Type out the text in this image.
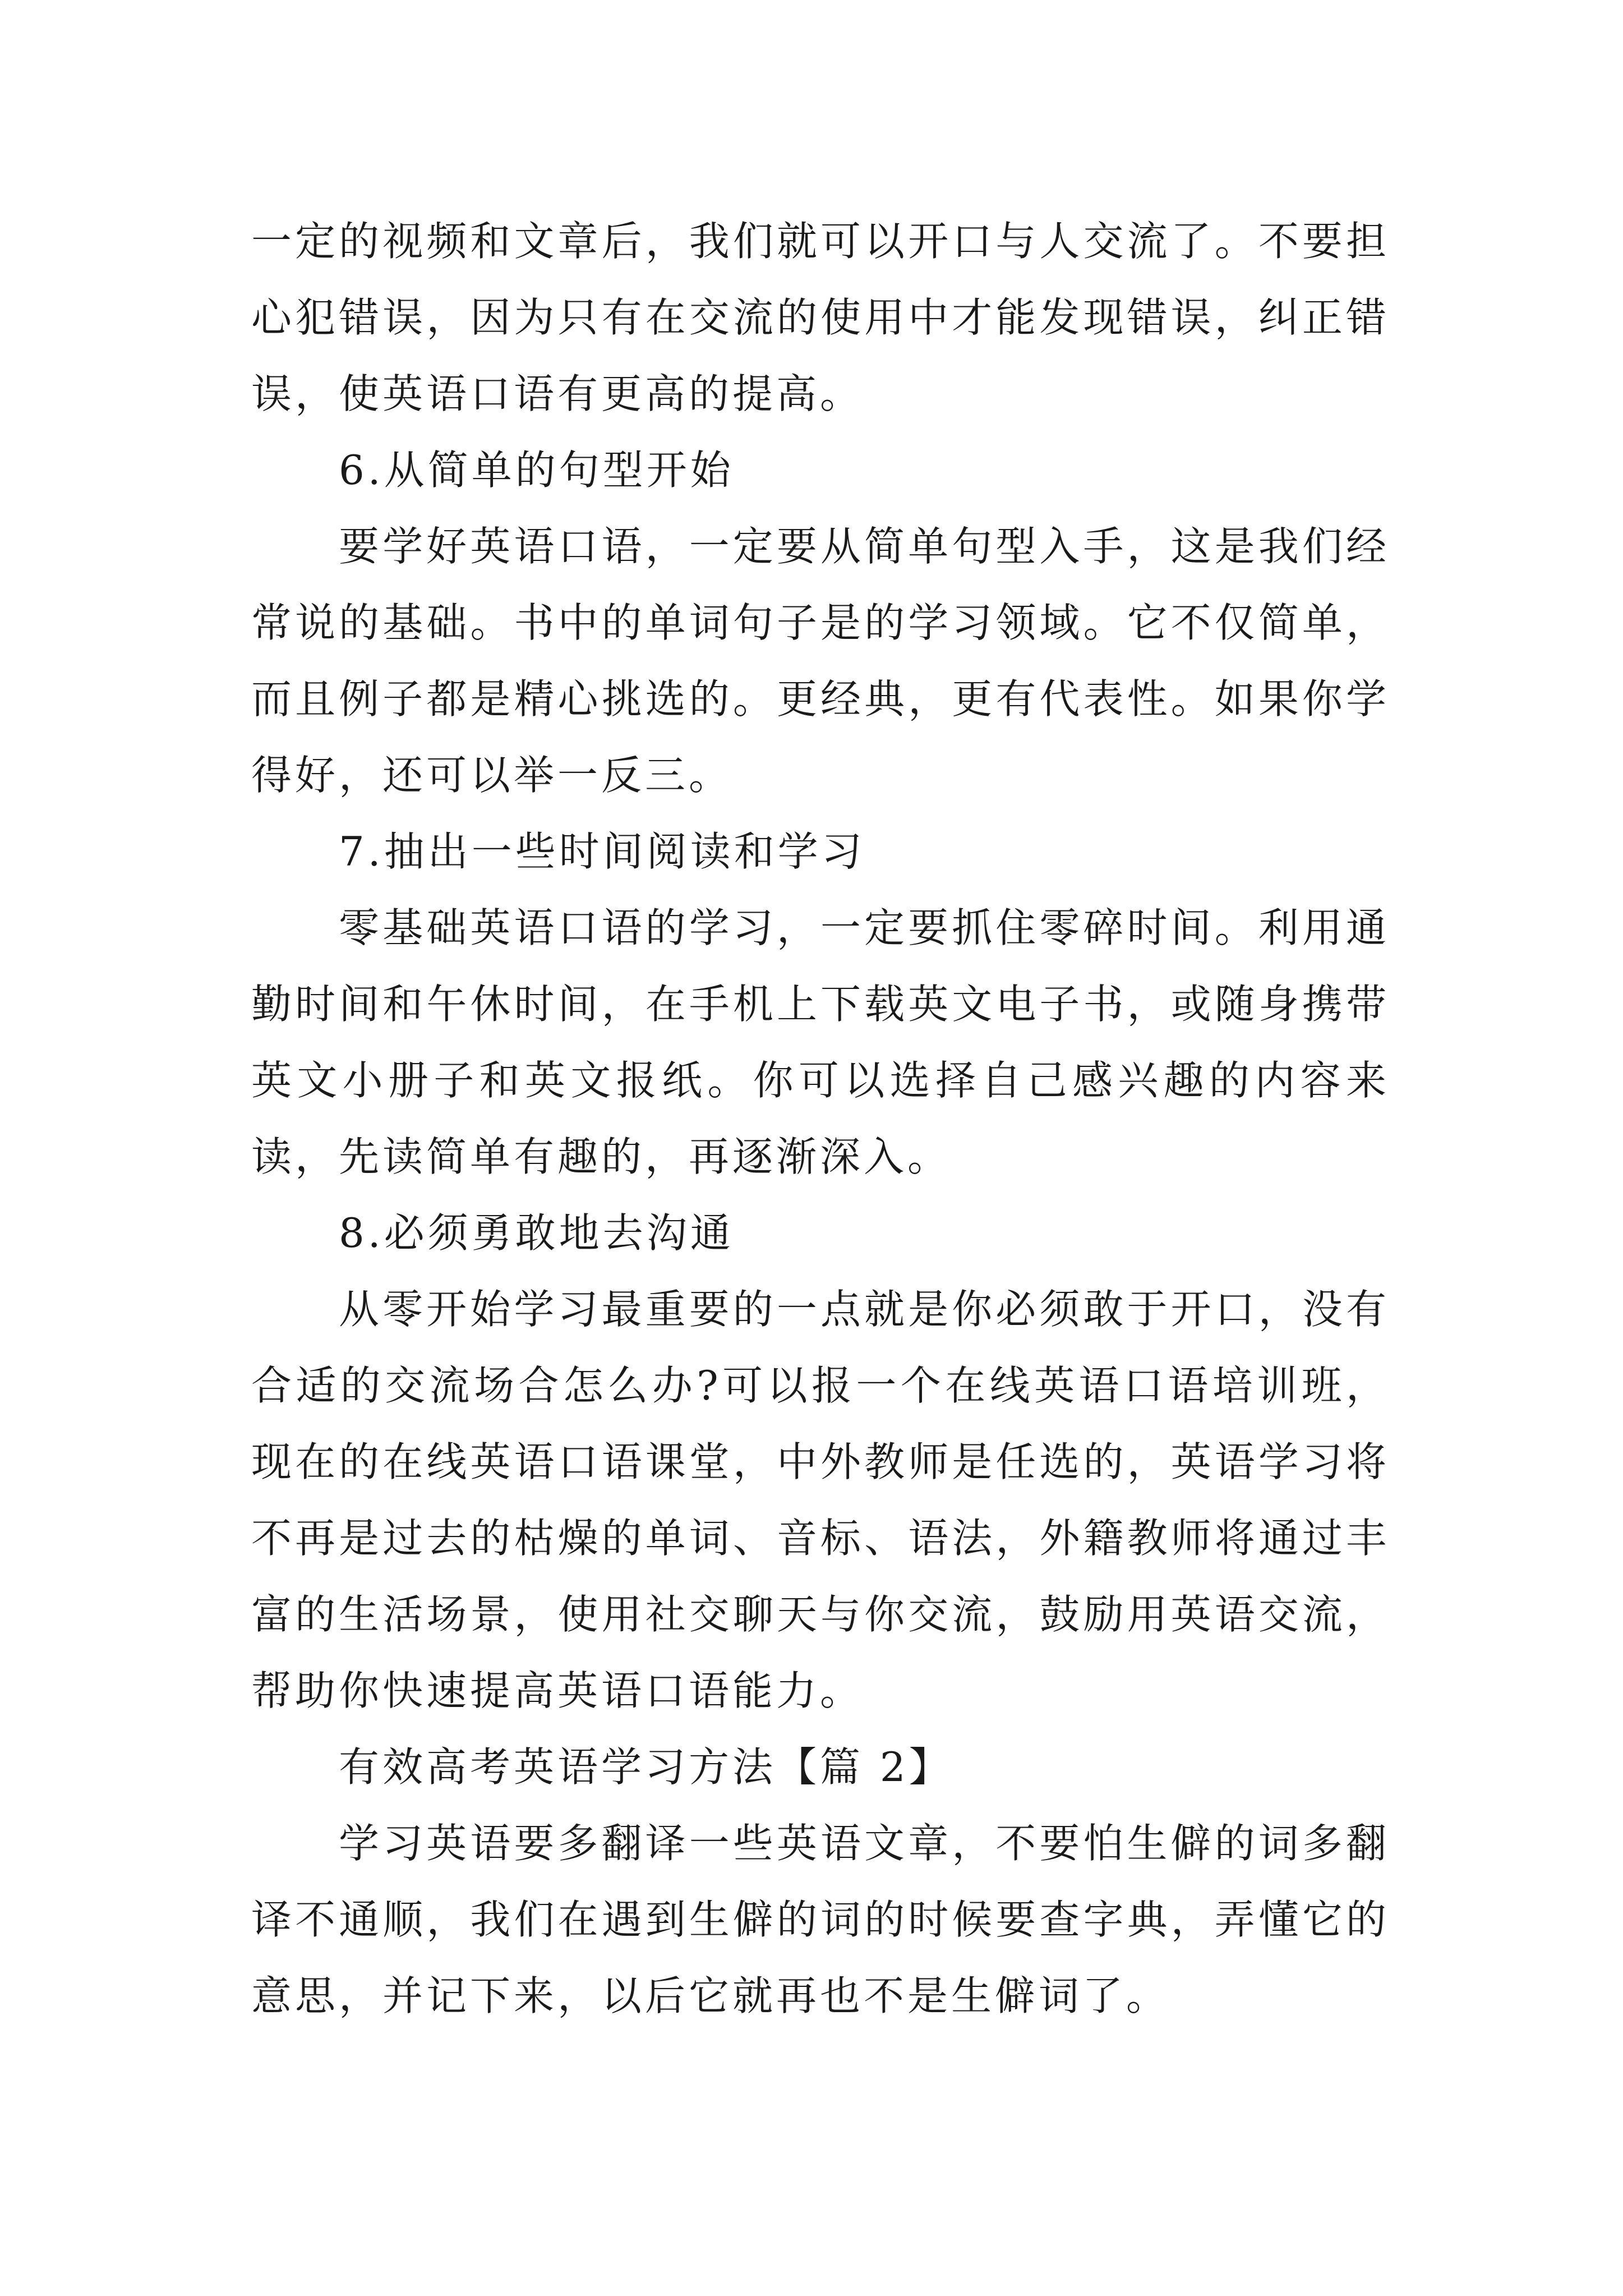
一定的视频和文章后，我们就可以开口与人交流了。不要担心犯错误，因为只有在交流的使用中才能发现错误，纠正错误，使英语口语有更高的提高。

6.从简单的句型开始

要学好英语口语，一定要从简单句型入手，这是我们经常说的基础。书中的单词句子是的学习领域。它不仅简单，而且例子都是精心挑选的。更经典，更有代表性。如果你学得好，还可以举一反三。

7.抽出一些时间阅读和学习

零基础英语口语的学习，一定要抓住零碎时间。利用通勤时间和午休时间，在手机上下载英文电子书，或随身携带英文小册子和英文报纸。你可以选择自己感兴趣的内容来读，先读简单有趣的，再逐渐深入。

8.必须勇敢地去沟通

从零开始学习最重要的一点就是你必须敢于开口，没有合适的交流场合怎么办?可以报一个在线英语口语培训班，现在的在线英语口语课堂，中外教师是任选的，英语学习将不再是过去的枯燥的单词、音标、语法，外籍教师将通过丰富的生活场景，使用社交聊天与你交流，鼓励用英语交流，帮助你快速提高英语口语能力。

有效高考英语学习方法【篇 2】

学习英语要多翻译一些英语文章，不要怕生僻的词多翻译不通顺，我们在遇到生僻的词的时候要查字典，弄懂它的意思，并记下来，以后它就再也不是生僻词了。
